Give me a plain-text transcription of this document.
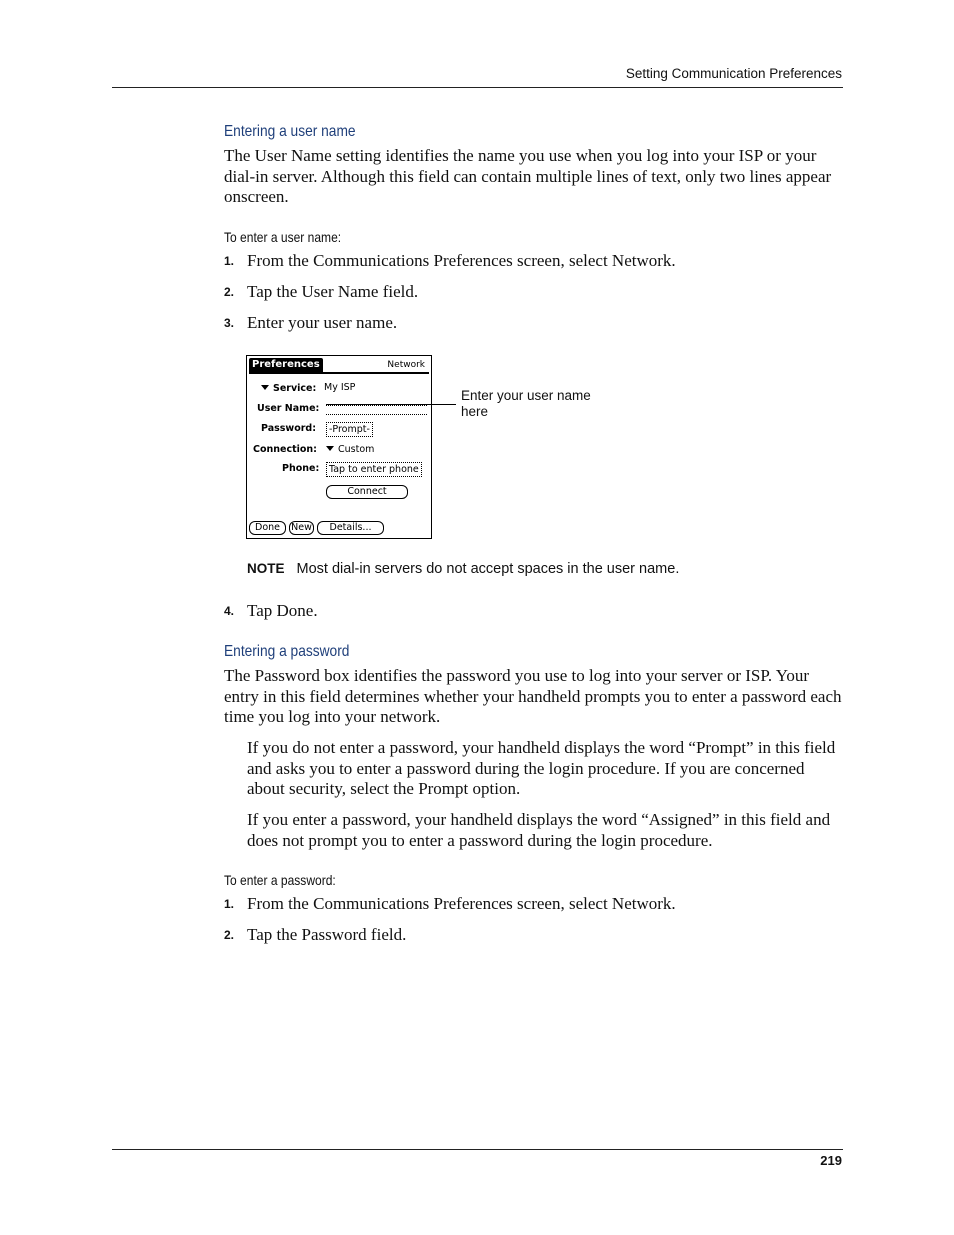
Setting Communication Preferences
Entering a user name
The User Name setting identifies the name you use when you log into your ISP or your dial-in server. Although this field can contain multiple lines of text, only two lines appear onscreen.
To enter a user name:
1. From the Communications Preferences screen, select Network.
2. Tap the User Name field.
3. Enter your user name.
Preferences	Network
Service: My ISP
User Name:
Password:	-Prompt-
Connection:	Custom
Phone:	Tap to enter phone
Connect
Done	New	Details...
Enter your user name here
NOTE Most dial-in servers do not accept spaces in the user name.
4. Tap Done.
Entering a password
The Password box identifies the password you use to log into your server or ISP. Your entry in this field determines whether your handheld prompts you to enter a password each time you log into your network.
If you do not enter a password, your handheld displays the word “Prompt” in this field and asks you to enter a password during the login procedure. If you are concerned about security, select the Prompt option.
If you enter a password, your handheld displays the word “Assigned” in this field and does not prompt you to enter a password during the login procedure.
To enter a password:
1. From the Communications Preferences screen, select Network.
2. Tap the Password field.
219
